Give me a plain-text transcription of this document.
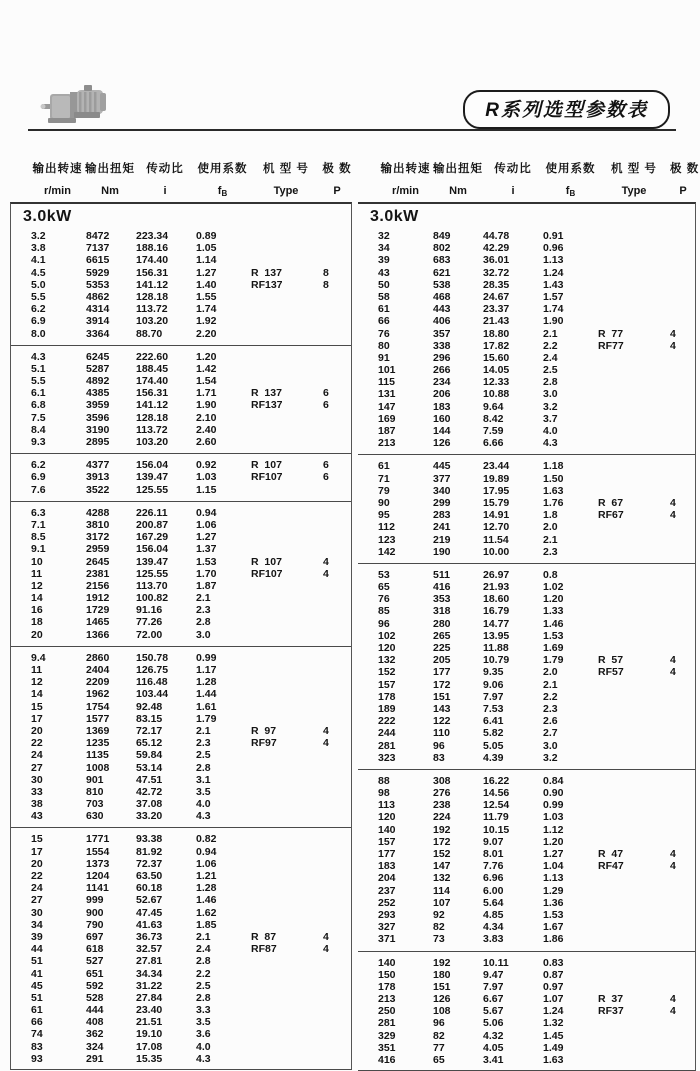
R系列选型参数表
输出转速 输出扭矩 传动比	使用系数	机 型 号	极 数
r/min	Nm	i	$f_B$	Type	P
3.0kW
3.2	8472	223.34	0.89
3.8	7137	188.16	1.05
4.1	6615	174.40	1.14
4.5	5929	156.31	1.27	R  137	8
5.0	5353	141.12	1.40	RF137	8
5.5	4862	128.18	1.55
6.2	4314	113.72	1.74
6.9	3914	103.20	1.92
8.0	3364	88.70	2.20
4.3	6245	222.60	1.20
5.1	5287	188.45	1.42
5.5	4892	174.40	1.54
6.1	4385	156.31	1.71	R  137	6
6.8	3959	141.12	1.90	RF137	6
7.5	3596	128.18	2.10
8.4	3190	113.72	2.40
9.3	2895	103.20	2.60
6.2	4377	156.04	0.92	R  107	6
6.9	3913	139.47	1.03	RF107	6
7.6	3522	125.55	1.15
6.3	4288	226.11	0.94
7.1	3810	200.87	1.06
8.5	3172	167.29	1.27
9.1	2959	156.04	1.37
10	2645	139.47	1.53	R  107	4
11	2381	125.55	1.70	RF107	4
12	2156	113.70	1.87
14	1912	100.82	2.1
16	1729	91.16	2.3
18	1465	77.26	2.8
20	1366	72.00	3.0
9.4	2860	150.78	0.99
11	2404	126.75	1.17
12	2209	116.48	1.28
14	1962	103.44	1.44
15	1754	92.48	1.61
17	1577	83.15	1.79
20	1369	72.17	2.1	R  97	4
22	1235	65.12	2.3	RF97	4
24	1135	59.84	2.5
27	1008	53.14	2.8
30	901	47.51	3.1
33	810	42.72	3.5
38	703	37.08	4.0
43	630	33.20	4.3
15	1771	93.38	0.82
17	1554	81.92	0.94
20	1373	72.37	1.06
22	1204	63.50	1.21
24	1141	60.18	1.28
27	999	52.67	1.46
30	900	47.45	1.62
34	790	41.63	1.85
39	697	36.73	2.1	R  87	4
44	618	32.57	2.4	RF87	4
51	527	27.81	2.8
41	651	34.34	2.2
45	592	31.22	2.5
51	528	27.84	2.8
61	444	23.40	3.3
66	408	21.51	3.5
74	362	19.10	3.6
83	324	17.08	4.0
93	291	15.35	4.3
输出转速 输出扭矩 传动比	使用系数	机 型 号	极 数
r/min	Nm	i	$f_B$	Type	P
3.0kW
32	849	44.78	0.91
34	802	42.29	0.96
39	683	36.01	1.13
43	621	32.72	1.24
50	538	28.35	1.43
58	468	24.67	1.57
61	443	23.37	1.74
66	406	21.43	1.90
76	357	18.80	2.1	R  77	4
80	338	17.82	2.2	RF77	4
91	296	15.60	2.4
101	266	14.05	2.5
115	234	12.33	2.8
131	206	10.88	3.0
147	183	9.64	3.2
169	160	8.42	3.7
187	144	7.59	4.0
213	126	6.66	4.3
61	445	23.44	1.18
71	377	19.89	1.50
79	340	17.95	1.63
90	299	15.79	1.76	R  67	4
95	283	14.91	1.8	RF67	4
112	241	12.70	2.0
123	219	11.54	2.1
142	190	10.00	2.3
53	511	26.97	0.8
65	416	21.93	1.02
76	353	18.60	1.20
85	318	16.79	1.33
96	280	14.77	1.46
102	265	13.95	1.53
120	225	11.88	1.69
132	205	10.79	1.79	R  57	4
152	177	9.35	2.0	RF57	4
157	172	9.06	2.1
178	151	7.97	2.2
189	143	7.53	2.3
222	122	6.41	2.6
244	110	5.82	2.7
281	96	5.05	3.0
323	83	4.39	3.2
88	308	16.22	0.84
98	276	14.56	0.90
113	238	12.54	0.99
120	224	11.79	1.03
140	192	10.15	1.12
157	172	9.07	1.20
177	152	8.01	1.27	R  47	4
183	147	7.76	1.04	RF47	4
204	132	6.96	1.13
237	114	6.00	1.29
252	107	5.64	1.36
293	92	4.85	1.53
327	82	4.34	1.67
371	73	3.83	1.86
140	192	10.11	0.83
150	180	9.47	0.87
178	151	7.97	0.97
213	126	6.67	1.07	R  37	4
250	108	5.67	1.24	RF37	4
281	96	5.06	1.32
329	82	4.32	1.45
351	77	4.05	1.49
416	65	3.41	1.63
